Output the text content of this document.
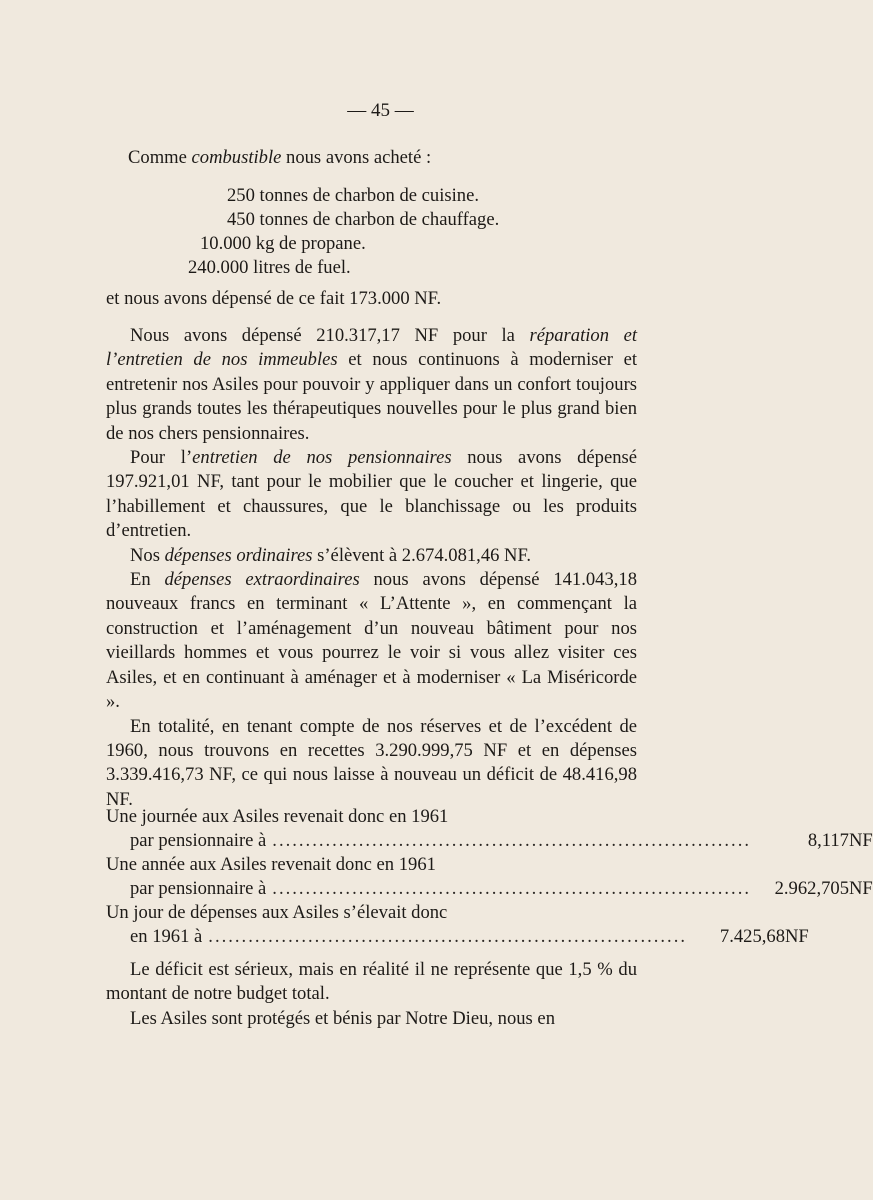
— 45 —

Comme combustible nous avons acheté :

250 tonnes de charbon de cuisine.
450 tonnes de charbon de chauffage.
10.000 kg de propane.
240.000 litres de fuel.

et nous avons dépensé de ce fait 173.000 NF.

Nous avons dépensé 210.317,17 NF pour la réparation et l’entretien de nos immeubles et nous continuons à moderniser et entretenir nos Asiles pour pouvoir y appliquer dans un confort toujours plus grands toutes les thérapeutiques nouvelles pour le plus grand bien de nos chers pensionnaires.

Pour l’entretien de nos pensionnaires nous avons dépensé 197.921,01 NF, tant pour le mobilier que le coucher et lingerie, que l’habillement et chaussures, que le blanchissage ou les produits d’entretien.

Nos dépenses ordinaires s’élèvent à 2.674.081,46 NF.

En dépenses extraordinaires nous avons dépensé 141.043,18 nouveaux francs en terminant « L’Attente », en commençant la construction et l’aménagement d’un nouveau bâtiment pour nos vieillards hommes et vous pourrez le voir si vous allez visiter ces Asiles, et en continuant à aménager et à moderniser « La Miséricorde ».

En totalité, en tenant compte de nos réserves et de l’excédent de 1960, nous trouvons en recettes 3.290.999,75 NF et en dépenses 3.339.416,73 NF, ce qui nous laisse à nouveau un déficit de 48.416,98 NF.

Une journée aux Asiles revenait donc en 1961
par pensionnaire à ........................................................................	8,117 NF
Une année aux Asiles revenait donc en 1961
par pensionnaire à ........................................................................	2.962,705 NF
Un jour de dépenses aux Asiles s’élevait donc
en 1961 à ........................................................................	7.425,68 NF

Le déficit est sérieux, mais en réalité il ne représente que 1,5 % du montant de notre budget total.

Les Asiles sont protégés et bénis par Notre Dieu, nous en
